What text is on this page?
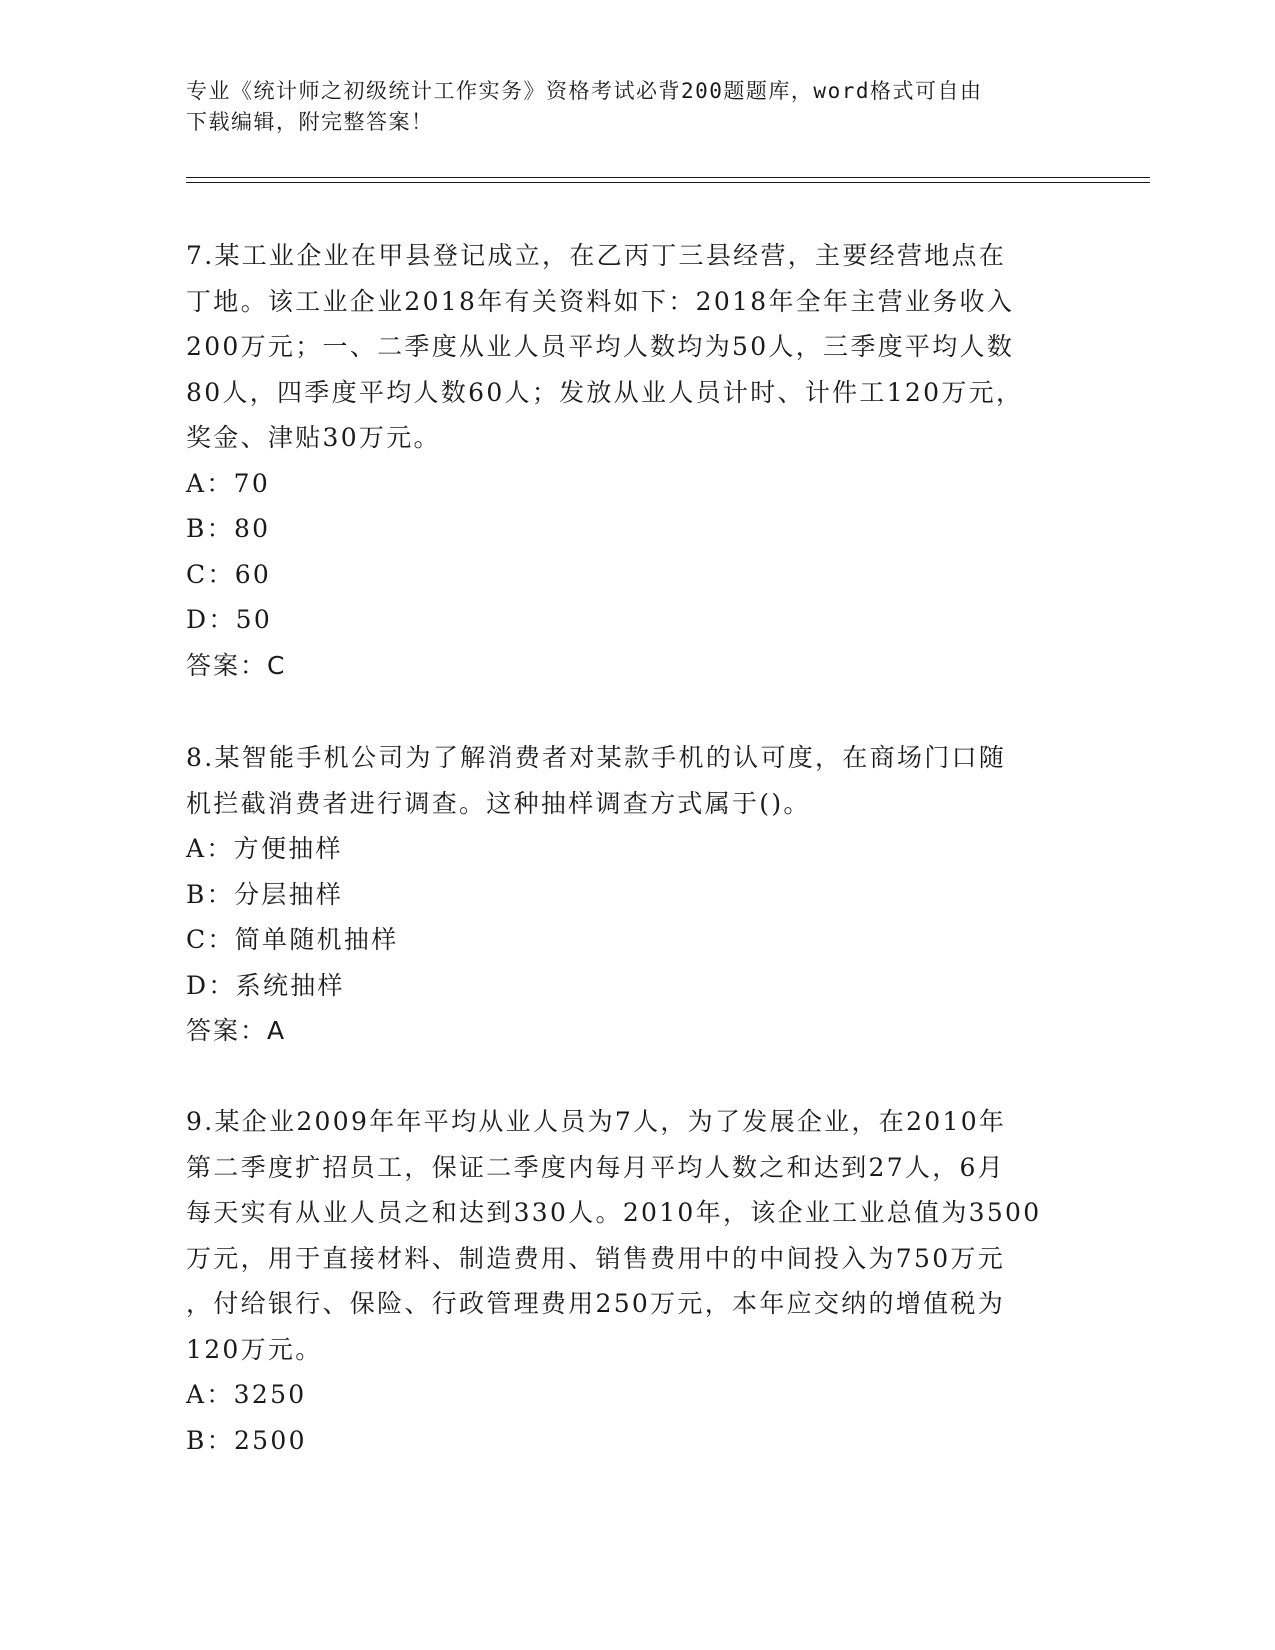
专业《统计师之初级统计工作实务》资格考试必背200题题库，word格式可自由
下载编辑，附完整答案！
7.某工业企业在甲县登记成立，在乙丙丁三县经营，主要经营地点在
丁地。该工业企业2018年有关资料如下：2018年全年主营业务收入
200万元；一、二季度从业人员平均人数均为50人，三季度平均人数
80人，四季度平均人数60人；发放从业人员计时、计件工120万元，
奖金、津贴30万元。
A：70
B：80
C：60
D：50
答案：C
8.某智能手机公司为了解消费者对某款手机的认可度，在商场门口随
机拦截消费者进行调查。这种抽样调查方式属于()。
A：方便抽样
B：分层抽样
C：简单随机抽样
D：系统抽样
答案：A
9.某企业2009年年平均从业人员为7人，为了发展企业，在2010年
第二季度扩招员工，保证二季度内每月平均人数之和达到27人，6月
每天实有从业人员之和达到330人。2010年，该企业工业总值为3500
万元，用于直接材料、制造费用、销售费用中的中间投入为750万元
，付给银行、保险、行政管理费用250万元，本年应交纳的增值税为
120万元。
A：3250
B：2500
